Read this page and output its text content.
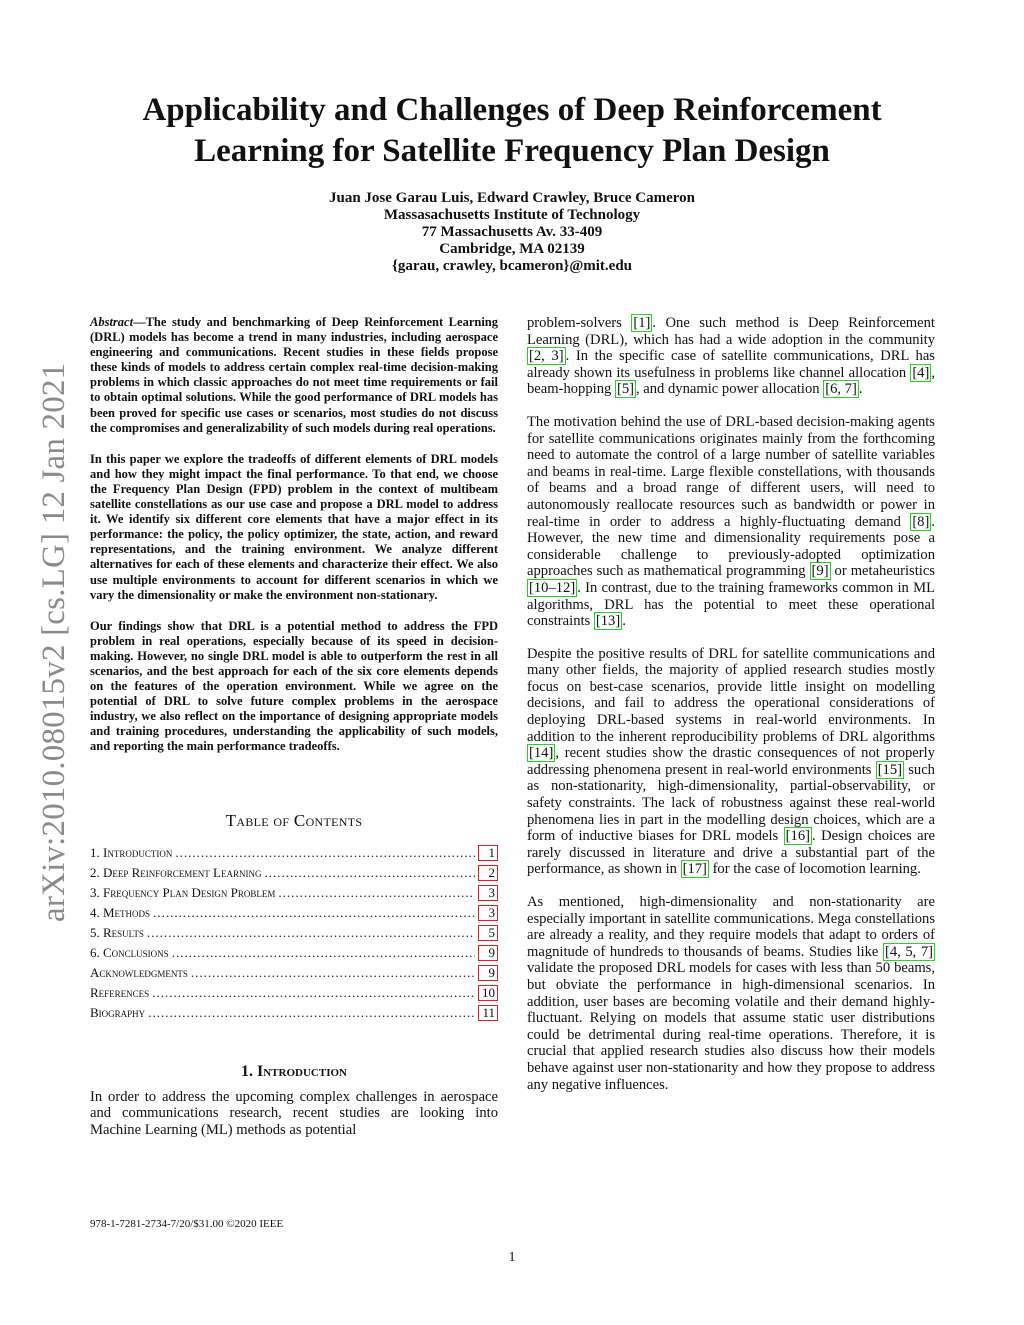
arXiv:2010.08015v2 [cs.LG] 12 Jan 2021
Applicability and Challenges of Deep Reinforcement Learning for Satellite Frequency Plan Design
Juan Jose Garau Luis, Edward Crawley, Bruce Cameron
Massasachusetts Institute of Technology
77 Massachusetts Av. 33-409
Cambridge, MA 02139
{garau, crawley, bcameron}@mit.edu

Abstract—The study and benchmarking of Deep Reinforcement Learning (DRL) models has become a trend in many industries, including aerospace engineering and communications. Recent studies in these fields propose these kinds of models to address certain complex real-time decision-making problems in which classic approaches do not meet time requirements or fail to obtain optimal solutions. While the good performance of DRL models has been proved for specific use cases or scenarios, most studies do not discuss the compromises and generalizability of such models during real operations.

In this paper we explore the tradeoffs of different elements of DRL models and how they might impact the final performance. To that end, we choose the Frequency Plan Design (FPD) problem in the context of multibeam satellite constellations as our use case and propose a DRL model to address it. We identify six different core elements that have a major effect in its performance: the policy, the policy optimizer, the state, action, and reward representations, and the training environment. We analyze different alternatives for each of these elements and characterize their effect. We also use multiple environments to account for different scenarios in which we vary the dimensionality or make the environment non-stationary.

Our findings show that DRL is a potential method to address the FPD problem in real operations, especially because of its speed in decision-making. However, no single DRL model is able to outperform the rest in all scenarios, and the best approach for each of the six core elements depends on the features of the operation environment. While we agree on the potential of DRL to solve future complex problems in the aerospace industry, we also reflect on the importance of designing appropriate models and training procedures, understanding the applicability of such models, and reporting the main performance tradeoffs.

Table of Contents
1. Introduction .....	1
2. Deep Reinforcement Learning .....	2
3. Frequency Plan Design Problem .....	3
4. Methods .....	3
5. Results .....	5
6. Conclusions .....	9
Acknowledgments .....	9
References .....	10
Biography .....	11
1. Introduction

In order to address the upcoming complex challenges in aerospace and communications research, recent studies are looking into Machine Learning (ML) methods as potential

problem-solvers [1] . One such method is Deep Reinforcement Learning (DRL), which has had a wide adoption in the community [2, 3] . In the specific case of satellite communications, DRL has already shown its usefulness in problems like channel allocation [4] , beam-hopping [5] , and dynamic power allocation [6, 7] .

The motivation behind the use of DRL-based decision-making agents for satellite communications originates mainly from the forthcoming need to automate the control of a large number of satellite variables and beams in real-time. Large flexible constellations, with thousands of beams and a broad range of different users, will need to autonomously reallocate resources such as bandwidth or power in real-time in order to address a highly-fluctuating demand [8] . However, the new time and dimensionality requirements pose a considerable challenge to previously-adopted optimization approaches such as mathematical programming [9] or metaheuristics [10–12] . In contrast, due to the training frameworks common in ML algorithms, DRL has the potential to meet these operational constraints [13] .

Despite the positive results of DRL for satellite communications and many other fields, the majority of applied research studies mostly focus on best-case scenarios, provide little insight on modelling decisions, and fail to address the operational considerations of deploying DRL-based systems in real-world environments. In addition to the inherent reproducibility problems of DRL algorithms [14] , recent studies show the drastic consequences of not properly addressing phenomena present in real-world environments [15] such as non-stationarity, high-dimensionality, partial-observability, or safety constraints. The lack of robustness against these real-world phenomena lies in part in the modelling design choices, which are a form of inductive biases for DRL models [16] . Design choices are rarely discussed in literature and drive a substantial part of the performance, as shown in [17] for the case of locomotion learning.

As mentioned, high-dimensionality and non-stationarity are especially important in satellite communications. Mega constellations are already a reality, and they require models that adapt to orders of magnitude of hundreds to thousands of beams. Studies like [4, 5, 7] validate the proposed DRL models for cases with less than 50 beams, but obviate the performance in high-dimensional scenarios. In addition, user bases are becoming volatile and their demand highly-fluctuant. Relying on models that assume static user distributions could be detrimental during real-time operations. Therefore, it is crucial that applied research studies also discuss how their models behave against user non-stationarity and how they propose to address any negative influences.

978-1-7281-2734-7/20/$31.00 ©2020 IEEE
1
